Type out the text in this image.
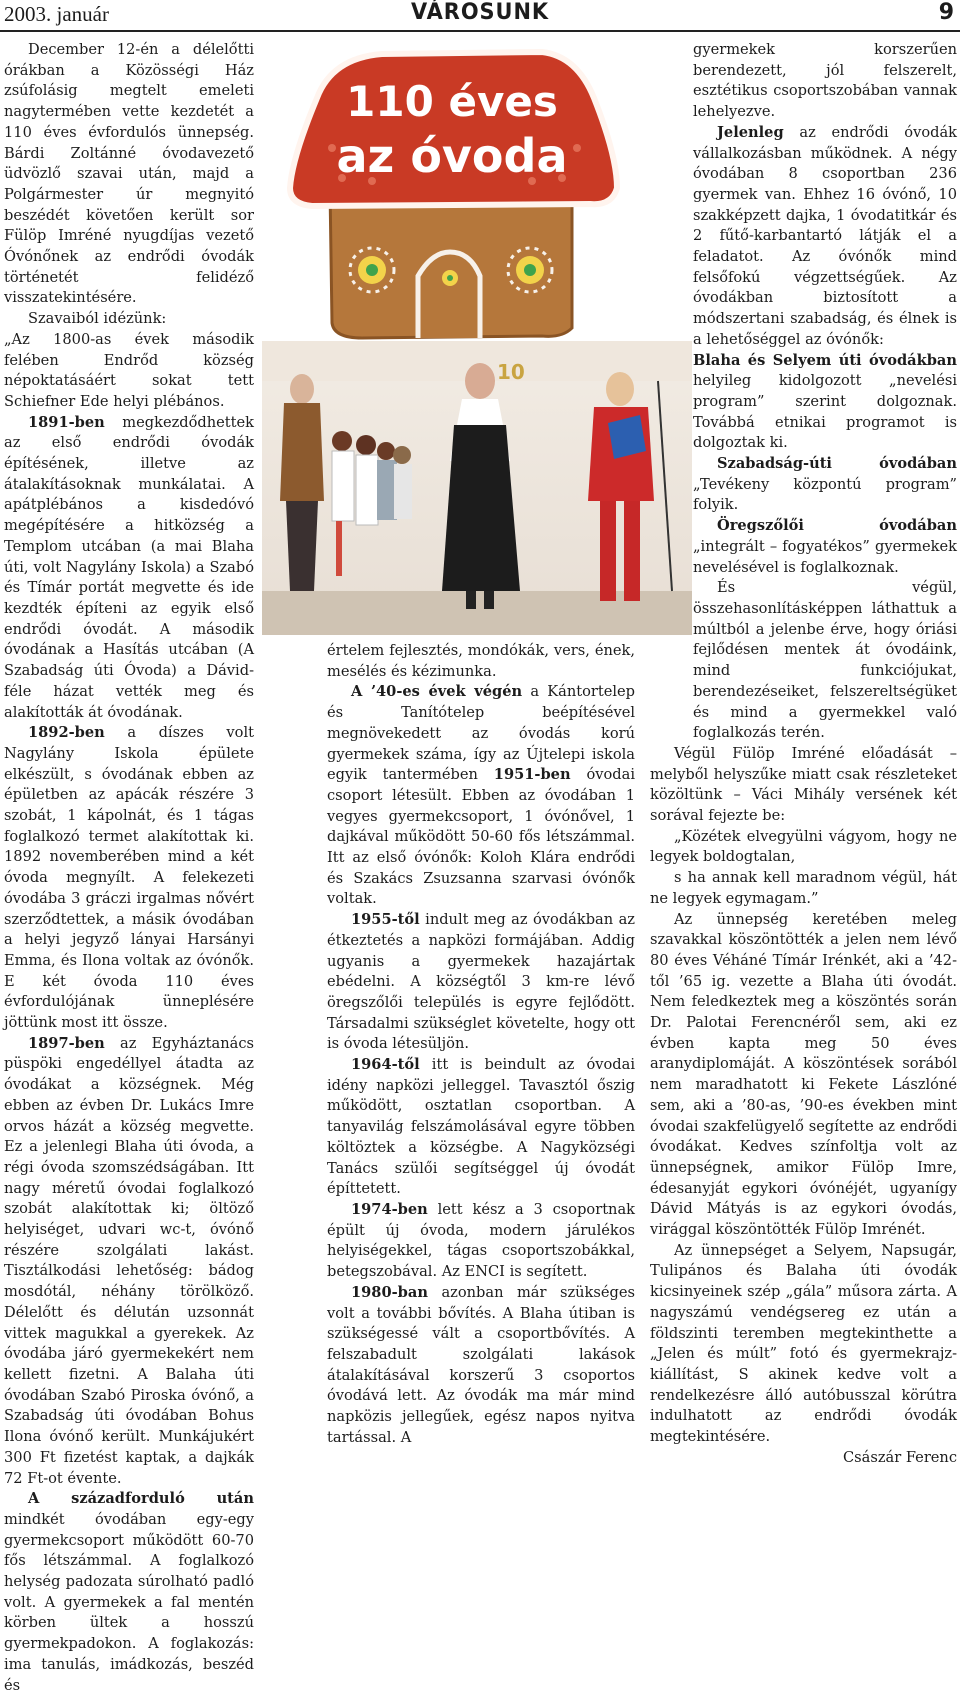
2003. január	VÁROSUNK	9

December 12-én a délelőtti órákban a Közösségi Ház zsúfolásig megtelt emeleti nagytermében vette kezdetét a 110 éves évfordulós ünnepség. Bárdi Zoltánné óvodavezető üdvözlő szavai után, majd a Polgármester úr megnyitó beszédét követően került sor Fülöp Imréné nyugdíjas vezető Óvónőnek az endrődi óvodák történetét felidéző visszatekintésére.

Szavaiból idézünk:

„Az 1800-as évek második felében Endrőd község népoktatásáért sokat tett Schiefner Ede helyi plébános.

1891-ben megkezdődhettek az első endrődi óvodák építésének, illetve az átalakításoknak munkálatai. A apátplébános a kisdedóvó megépítésére a hitközség a Templom utcában (a mai Blaha úti, volt Nagylány Iskola) a Szabó és Tímár portát megvette és ide kezdték építeni az egyik első endrődi óvodát. A második óvodának a Hasítás utcában (A Szabadság úti Óvoda) a Dávid-féle házat vették meg és alakították át óvodának.

1892-ben a díszes volt Nagylány Iskola épülete elkészült, s óvodának ebben az épületben az apácák részére 3 szobát, 1 kápolnát, és 1 tágas foglalkozó termet alakítottak ki. 1892 novemberében mind a két óvoda megnyílt. A felekezeti óvodába 3 gráczi irgalmas nővért szerződtettek, a másik óvodában a helyi jegyző lányai Harsányi Emma, és Ilona voltak az óvónők. E két óvoda 110 éves évfordulójának ünneplésére jöttünk most itt össze.

1897-ben az Egyháztanács püspöki engedéllyel átadta az óvodákat a községnek. Még ebben az évben Dr. Lukács Imre orvos házát a község megvette. Ez a jelenlegi Blaha úti óvoda, a régi óvoda szomszédságában. Itt nagy méretű óvodai foglalkozó szobát alakítottak ki; öltöző helyiséget, udvari wc-t, óvónő részére szolgálati lakást. Tisztálkodási lehetőség: bádog mosdótál, néhány törölköző. Délelőtt és délután uzsonnát vittek magukkal a gyerekek. Az óvodába járó gyermekekért nem kellett fizetni. A Balaha úti óvodában Szabó Piroska óvónő, a Szabadság úti óvodában Bohus Ilona óvónő került. Munkájukért 300 Ft fizetést kaptak, a dajkák 72 Ft-ot évente.

A századforduló után mindkét óvodában egy-egy gyermekcsoport működött 60-70 fős létszámmal. A foglalkozó helység padozata súrolható padló volt. A gyermekek a fal mentén körben ültek a hosszú gyermekpadokon. A foglakozás: ima tanulás, imádkozás, beszéd és

110 éves
az óvoda
10

értelem fejlesztés, mondókák, vers, ének, mesélés és kézimunka.

A ’40-es évek végén a Kántortelep és Tanítótelep beépítésével megnövekedett az óvodás korú gyermekek száma, így az Újtelepi iskola egyik tantermében 1951-ben óvodai csoport létesült. Ebben az óvodában 1 vegyes gyermekcsoport, 1 óvónővel, 1 dajkával működött 50-60 fős létszámmal. Itt az első óvónők: Koloh Klára endrődi és Szakács Zsuzsanna szarvasi óvónők voltak.

1955-től indult meg az óvodákban az étkeztetés a napközi formájában. Addig ugyanis a gyermekek hazajártak ebédelni. A községtől 3 km-re lévő öregszőlői település is egyre fejlődött. Társadalmi szükséglet követelte, hogy ott is óvoda létesüljön.

1964-től itt is beindult az óvodai idény napközi jelleggel. Tavasztól őszig működött, osztatlan csoportban. A tanyavilág felszámolásával egyre többen költöztek a községbe. A Nagyközségi Tanács szülői segítséggel új óvodát építtetett.

1974-ben lett kész a 3 csoportnak épült új óvoda, modern járulékos helyiségekkel, tágas csoportszobákkal, betegszobával. Az ENCI is segített.

1980-ban azonban már szükséges volt a további bővítés. A Blaha útiban is szükségessé vált a csoportbővítés. A felszabadult szolgálati lakások átalakításával korszerű 3 csoportos óvodává lett. Az óvodák ma már mind napközis jellegűek, egész napos nyitva tartással. A

gyermekek korszerűen berendezett, jól felszerelt, esztétikus csoportszobában vannak lehelyezve.

Jelenleg az endrődi óvodák vállalkozásban működnek. A négy óvodában 8 csoportban 236 gyermek van. Ehhez 16 óvónő, 10 szakképzett dajka, 1 óvodatitkár és 2 fűtő-karbantartó látják el a feladatot. Az óvónők mind felsőfokú végzettségűek. Az óvodákban biztosított a módszertani szabadság, és élnek is a lehetőséggel az óvónők:

Blaha és Selyem úti óvodákban helyileg kidolgozott „nevelési program” szerint dolgoznak. Továbbá etnikai programot is dolgoztak ki.

Szabadság-úti óvodában „Tevékeny központú program” folyik.

Öregszőlői óvodában „integrált – fogyatékos” gyermekek nevelésével is foglalkoznak.

És végül, összehasonlításképpen láthattuk a múltból a jelenbe érve, hogy óriási fejlődésen mentek át óvodáink, mind funkciójukat, berendezéseiket, felszereltségüket és mind a gyermekkel való foglalkozás terén.

Végül Fülöp Imréné előadását – melyből helyszűke miatt csak részleteket közöltünk – Váci Mihály versének két sorával fejezte be:

„Közétek elvegyülni vágyom, hogy ne legyek boldogtalan,

s ha annak kell maradnom végül, hát ne legyek egymagam.”

Az ünnepség keretében meleg szavakkal köszöntötték a jelen nem lévő 80 éves Véháné Tímár Irénkét, aki a ’42-től ’65 ig. vezette a Blaha úti óvodát. Nem feledkeztek meg a köszöntés során Dr. Palotai Ferencnéről sem, aki ez évben kapta meg 50 éves aranydiplomáját. A köszöntések sorából nem maradhatott ki Fekete Lászlóné sem, aki a ’80-as, ’90-es években mint óvodai szakfelügyelő segítette az endrődi óvodákat. Kedves színfoltja volt az ünnepségnek, amikor Fülöp Imre, édesanyját egykori óvónéjét, ugyanígy Dávid Mátyás is az egykori óvodás, virággal köszöntötték Fülöp Imrénét.

Az ünnepséget a Selyem, Napsugár, Tulipános és Balaha úti óvodák kicsinyeinek szép „gála” műsora zárta. A nagyszámú vendégsereg ez után a földszinti teremben megtekinthette a „Jelen és múlt” fotó és gyermekrajz-kiállítást, S akinek kedve volt a rendelkezésre álló autóbusszal körútra indulhatott az endrődi óvodák megtekintésére.

Császár Ferenc
